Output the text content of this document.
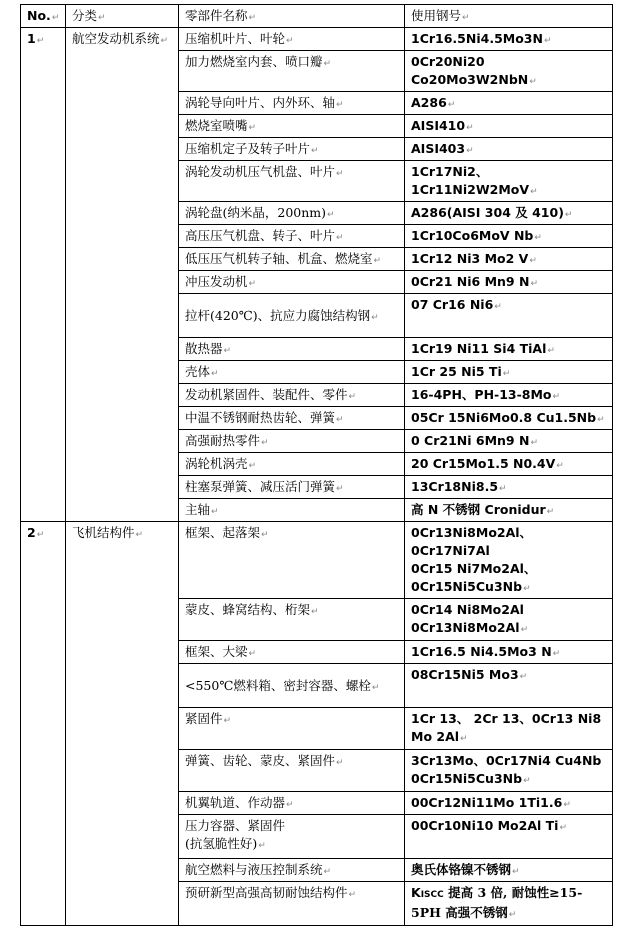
No.↵	分类↵	零部件名称↵	使用钢号↵
1↵	航空发动机系统↵	压缩机叶片、叶轮↵	1Cr16.5Ni4.5Mo3N↵
		加力燃烧室内套、喷口瓣↵	0Cr20Ni20 Co20Mo3W2NbN↵
		涡轮导向叶片、内外环、轴↵	A286↵
		燃烧室喷嘴↵	AISI410↵
		压缩机定子及转子叶片↵	AISI403↵
		涡轮发动机压气机盘、叶片↵	1Cr17Ni2、1Cr11Ni2W2MoV↵
		涡轮盘(纳米晶，200nm)↵	A286(AISI 304 及 410)↵
		高压压气机盘、转子、叶片↵	1Cr10Co6MoV Nb↵
		低压压气机转子轴、机盒、燃烧室↵	1Cr12 Ni3 Mo2 V↵
		冲压发动机↵	0Cr21 Ni6 Mn9 N↵
		拉杆(420℃)、抗应力腐蚀结构钢↵	07 Cr16 Ni6↵
		散热器↵	1Cr19 Ni11 Si4 TiAl↵
		壳体↵	1Cr 25 Ni5 Ti↵
		发动机紧固件、装配件、零件↵	16-4PH、PH-13-8Mo↵
		中温不锈钢耐热齿轮、弹簧↵	05Cr 15Ni6Mo0.8 Cu1.5Nb↵
		高强耐热零件↵	0 Cr21Ni 6Mn9 N↵
		涡轮机涡壳↵	20 Cr15Mo1.5 N0.4V↵
		柱塞泵弹簧、减压活门弹簧↵	13Cr18Ni8.5↵
		主轴↵	高 N 不锈钢 Cronidur↵
2↵	飞机结构件↵	框架、起落架↵	0Cr13Ni8Mo2Al、0Cr17Ni7Al
0Cr15 Ni7Mo2Al、
0Cr15Ni5Cu3Nb↵

		蒙皮、蜂窝结构、桁架↵	0Cr14 Ni8Mo2Al
0Cr13Ni8Mo2Al↵

		框架、大梁↵	1Cr16.5 Ni4.5Mo3 N↵
		<550℃燃料箱、密封容器、螺栓↵	08Cr15Ni5 Mo3↵
		紧固件↵	1Cr 13、 2Cr 13、0Cr13 Ni8
Mo 2Al↵

		弹簧、齿轮、蒙皮、紧固件↵	3Cr13Mo、0Cr17Ni4 Cu4Nb
0Cr15Ni5Cu3Nb↵

		机翼轨道、作动器↵	00Cr12Ni11Mo 1Ti1.6↵

		压力容器、紧固件
(抗氢脆性好)↵	00Cr10Ni10 Mo2Al Ti↵
		航空燃料与液压控制系统↵	奥氏体铬镍不锈钢↵
		预研新型高强高韧耐蚀结构件↵	KISCC 提高 3 倍, 耐蚀性≥15-
5PH 高强不锈钢↵
